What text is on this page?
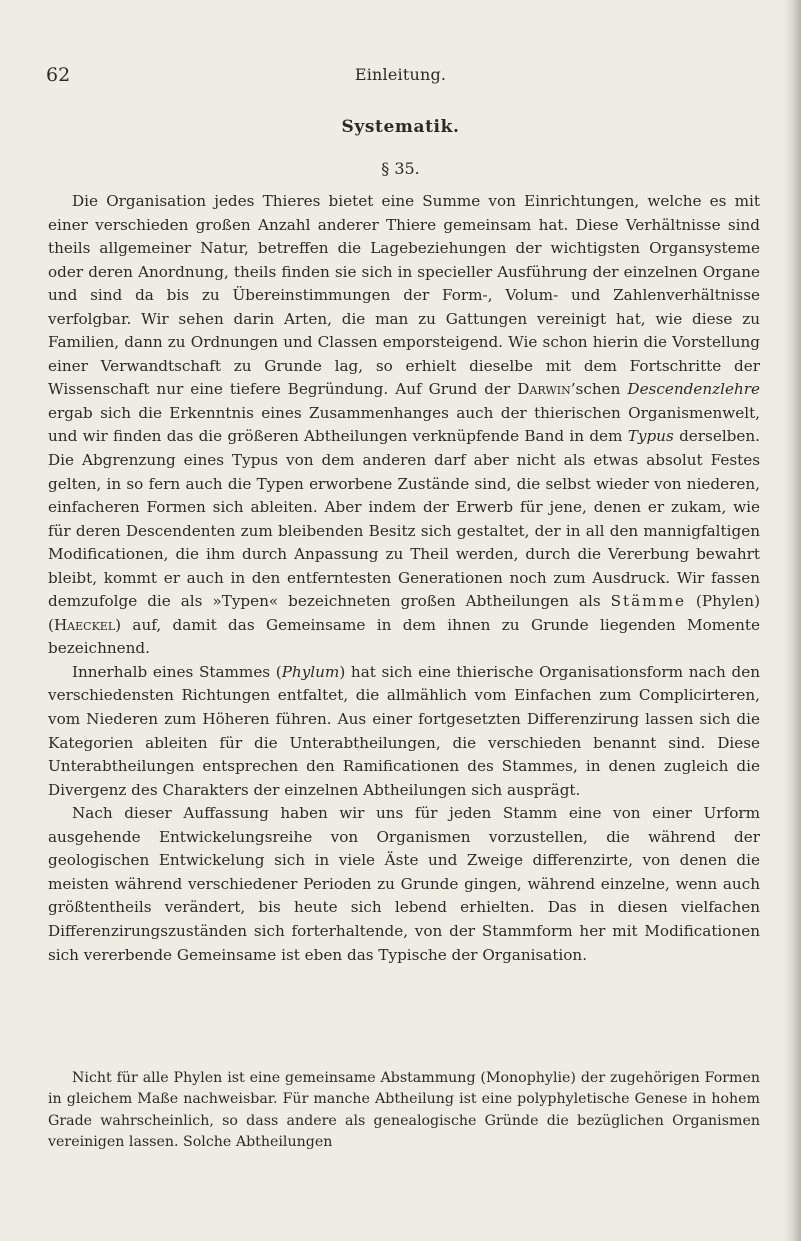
62	Einleitung.
Systematik.
§ 35.

Die Organisation jedes Thieres bietet eine Summe von Einrichtungen, welche es mit einer verschieden großen Anzahl anderer Thiere gemeinsam hat. Diese Verhältnisse sind theils allgemeiner Natur, betreffen die Lagebeziehungen der wichtigsten Organsysteme oder deren Anordnung, theils finden sie sich in specieller Ausführung der einzelnen Organe und sind da bis zu Übereinstimmungen der Form-, Volum- und Zahlenverhältnisse verfolgbar. Wir sehen darin Arten, die man zu Gattungen vereinigt hat, wie diese zu Familien, dann zu Ordnungen und Classen emporsteigend. Wie schon hierin die Vorstellung einer Verwandtschaft zu Grunde lag, so erhielt dieselbe mit dem Fortschritte der Wissenschaft nur eine tiefere Begründung. Auf Grund der Darwin’schen Descendenzlehre ergab sich die Erkenntnis eines Zusammenhanges auch der thierischen Organismenwelt, und wir finden das die größeren Abtheilungen verknüpfende Band in dem Typus derselben. Die Abgrenzung eines Typus von dem anderen darf aber nicht als etwas absolut Festes gelten, in so fern auch die Typen erworbene Zustände sind, die selbst wieder von niederen, einfacheren Formen sich ableiten. Aber indem der Erwerb für jene, denen er zukam, wie für deren Descendenten zum bleibenden Besitz sich gestaltet, der in all den mannigfaltigen Modificationen, die ihm durch Anpassung zu Theil werden, durch die Vererbung bewahrt bleibt, kommt er auch in den entferntesten Generationen noch zum Ausdruck. Wir fassen demzufolge die als »Typen« bezeichneten großen Abtheilungen als Stämme (Phylen) (Haeckel) auf, damit das Gemeinsame in dem ihnen zu Grunde liegenden Momente bezeichnend.

Innerhalb eines Stammes (Phylum) hat sich eine thierische Organisationsform nach den verschiedensten Richtungen entfaltet, die allmählich vom Einfachen zum Complicirteren, vom Niederen zum Höheren führen. Aus einer fortgesetzten Differenzirung lassen sich die Kategorien ableiten für die Unterabtheilungen, die verschieden benannt sind. Diese Unterabtheilungen entsprechen den Ramificationen des Stammes, in denen zugleich die Divergenz des Charakters der einzelnen Abtheilungen sich ausprägt.

Nach dieser Auffassung haben wir uns für jeden Stamm eine von einer Urform ausgehende Entwickelungsreihe von Organismen vorzustellen, die während der geologischen Entwickelung sich in viele Äste und Zweige differenzirte, von denen die meisten während verschiedener Perioden zu Grunde gingen, während einzelne, wenn auch größtentheils verändert, bis heute sich lebend erhielten. Das in diesen vielfachen Differenzirungszuständen sich forterhaltende, von der Stammform her mit Modificationen sich vererbende Gemeinsame ist eben das Typische der Organisation.

Nicht für alle Phylen ist eine gemeinsame Abstammung (Monophylie) der zugehörigen Formen in gleichem Maße nachweisbar. Für manche Abtheilung ist eine polyphyletische Genese in hohem Grade wahrscheinlich, so dass andere als genealogische Gründe die bezüglichen Organismen vereinigen lassen. Solche Abtheilungen
